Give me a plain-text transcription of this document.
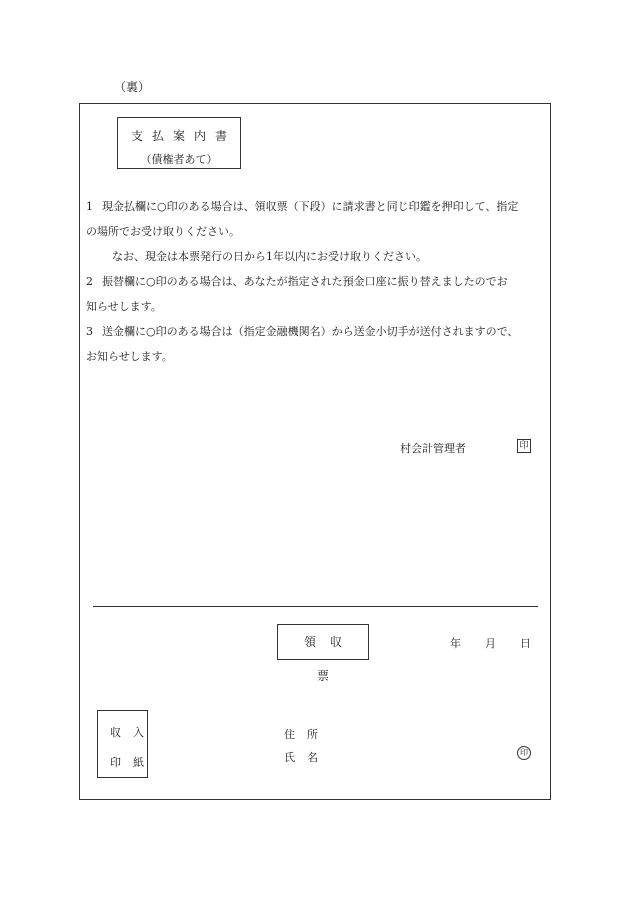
（裏）
支払案内書
（債権者あて）
1 現金払欄に○印のある場合は、領収票（下段）に請求書と同じ印鑑を押印して、指定
の場所でお受け取りください。
なお、現金は本票発行の日から1年以内にお受け取りください。
2 振替欄に○印のある場合は、あなたが指定された預金口座に振り替えましたのでお
知らせします。
3 送金欄に○印のある場合は（指定金融機関名）から送金小切手が送付されますので、
お知らせします。
村会計管理者	印
領収票
年 月 日
収入
印紙
住所
氏名	印
